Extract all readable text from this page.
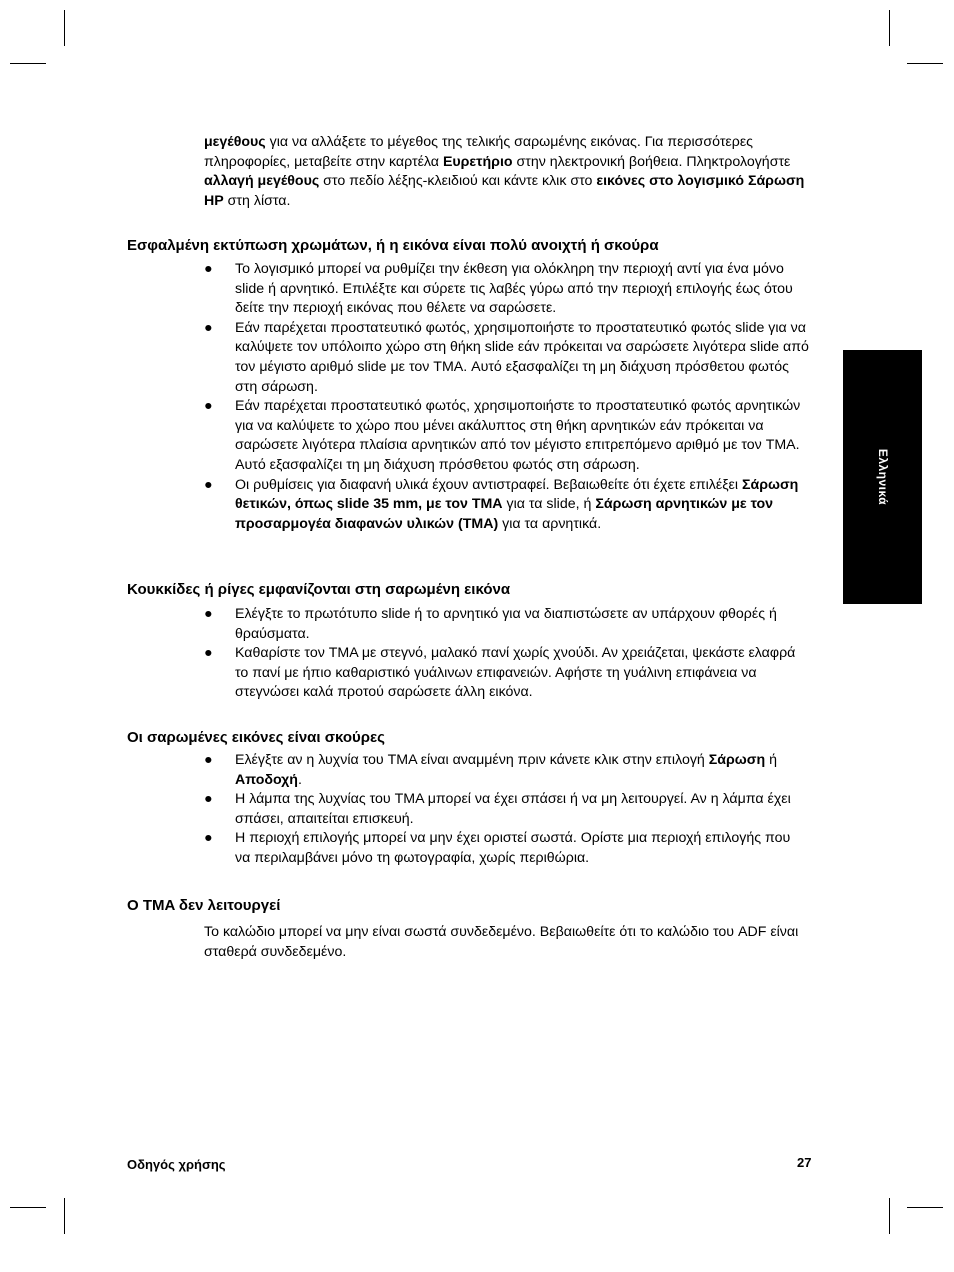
μεγέθους για να αλλάξετε το μέγεθος της τελικής σαρωμένης εικόνας. Για περισσότερες πληροφορίες, μεταβείτε στην καρτέλα Ευρετήριο στην ηλεκτρονική βοήθεια. Πληκτρολογήστε αλλαγή μεγέθους στο πεδίο λέξης-κλειδιού και κάντε κλικ στο εικόνες στο λογισμικό Σάρωση HP στη λίστα.

Εσφαλμένη εκτύπωση χρωμάτων, ή η εικόνα είναι πολύ ανοιχτή ή σκούρα
●	Το λογισμικό μπορεί να ρυθμίζει την έκθεση για ολόκληρη την περιοχή αντί για ένα μόνο slide ή αρνητικό. Επιλέξτε και σύρετε τις λαβές γύρω από την περιοχή επιλογής έως ότου δείτε την περιοχή εικόνας που θέλετε να σαρώσετε.
●	Εάν παρέχεται προστατευτικό φωτός, χρησιμοποιήστε το προστατευτικό φωτός slide για να καλύψετε τον υπόλοιπο χώρο στη θήκη slide εάν πρόκειται να σαρώσετε λιγότερα slide από τον μέγιστο αριθμό slide με τον TMA. Αυτό εξασφαλίζει τη μη διάχυση πρόσθετου φωτός στη σάρωση.
●	Εάν παρέχεται προστατευτικό φωτός, χρησιμοποιήστε το προστατευτικό φωτός αρνητικών για να καλύψετε το χώρο που μένει ακάλυπτος στη θήκη αρνητικών εάν πρόκειται να σαρώσετε λιγότερα πλαίσια αρνητικών από τον μέγιστο επιτρεπόμενο αριθμό με τον TMA. Αυτό εξασφαλίζει τη μη διάχυση πρόσθετου φωτός στη σάρωση.
●	Οι ρυθμίσεις για διαφανή υλικά έχουν αντιστραφεί. Βεβαιωθείτε ότι έχετε επιλέξει Σάρωση θετικών, όπως slide 35 mm, με τον TMA για τα slide, ή Σάρωση αρνητικών με τον προσαρμογέα διαφανών υλικών (TMA) για τα αρνητικά.
Κουκκίδες ή ρίγες εμφανίζονται στη σαρωμένη εικόνα
●	Ελέγξτε το πρωτότυπο slide ή το αρνητικό για να διαπιστώσετε αν υπάρχουν φθορές ή θραύσματα.
●	Καθαρίστε τον TMA με στεγνό, μαλακό πανί χωρίς χνούδι. Αν χρειάζεται, ψεκάστε ελαφρά το πανί με ήπιο καθαριστικό γυάλινων επιφανειών. Αφήστε τη γυάλινη επιφάνεια να στεγνώσει καλά προτού σαρώσετε άλλη εικόνα.
Οι σαρωμένες εικόνες είναι σκούρες
●	Ελέγξτε αν η λυχνία του TMA είναι αναμμένη πριν κάνετε κλικ στην επιλογή Σάρωση ή Αποδοχή.
●	Η λάμπα της λυχνίας του TMA μπορεί να έχει σπάσει ή να μη λειτουργεί. Αν η λάμπα έχει σπάσει, απαιτείται επισκευή.
●	Η περιοχή επιλογής μπορεί να μην έχει οριστεί σωστά. Ορίστε μια περιοχή επιλογής που να περιλαμβάνει μόνο τη φωτογραφία, χωρίς περιθώρια.
Ο TMA δεν λειτουργεί

Το καλώδιο μπορεί να μην είναι σωστά συνδεδεμένο. Βεβαιωθείτε ότι το καλώδιο του ADF είναι σταθερά συνδεδεμένο.

Ελληνικά
Οδηγός χρήσης	27
